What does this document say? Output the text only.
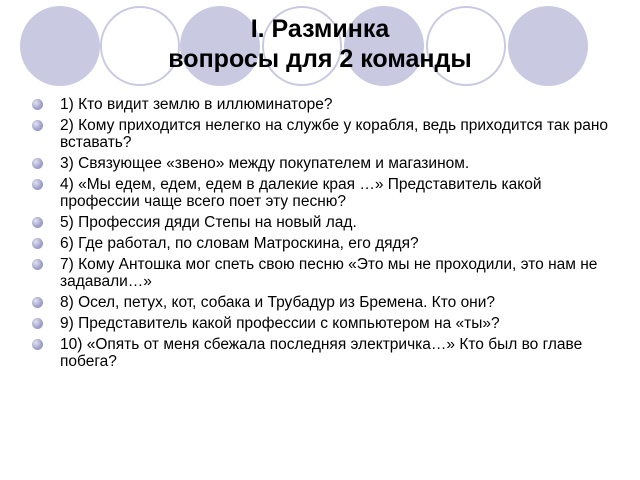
I. Разминка
вопросы для 2 команды
1) Кто видит землю в иллюминаторе?
2) Кому приходится нелегко на службе у корабля, ведь приходится так рано вставать?
3) Связующее «звено» между покупателем и магазином.
4) «Мы едем, едем, едем в далекие края …» Представитель какой профессии чаще всего поет эту песню?
5) Профессия дяди Степы на новый лад.
6) Где работал, по словам Матроскина, его дядя?
7) Кому Антошка мог спеть свою песню «Это мы не проходили, это нам не задавали…»
8) Осел, петух, кот, собака и Трубадур из Бремена. Кто они?
9) Представитель какой профессии с компьютером на «ты»?
10) «Опять от меня сбежала последняя электричка…» Кто был во главе побега?
